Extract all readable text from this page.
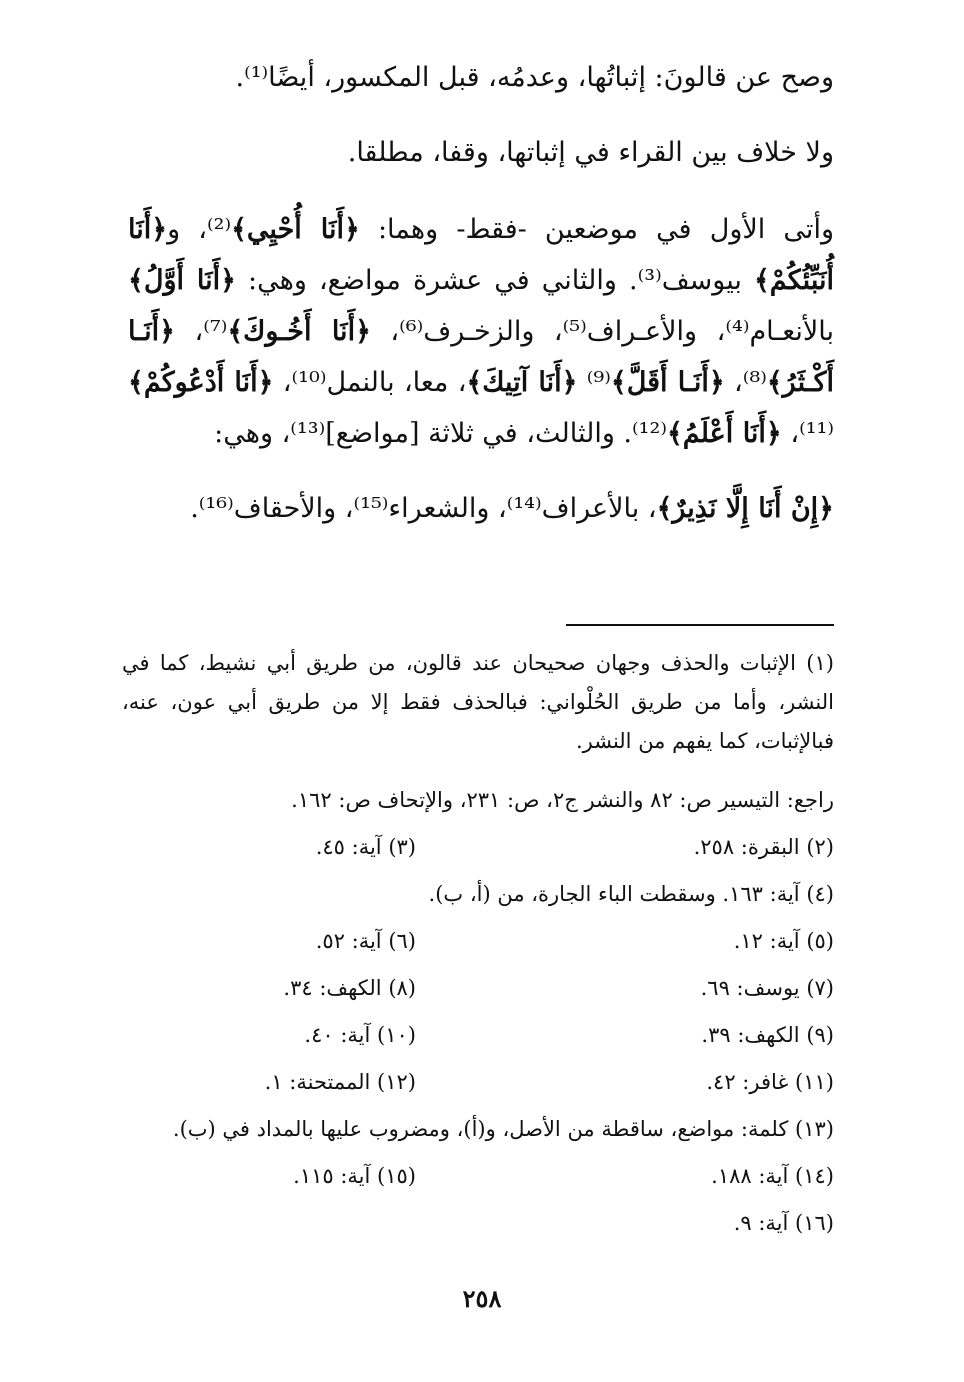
وصح عن قالونَ: إثباتُها، وعدمُه، قبل المكسور، أيضًا⁽¹⁾.

ولا خلاف بين القراء في إثباتها، وقفا، مطلقا.

وأتى الأول في موضعين -فقط- وهما: ﴿أَنَا أُحْيِي﴾⁽²⁾، و﴿أَنَا أُنَبِّئُكُمْ﴾ بيوسف⁽³⁾. والثاني في عشرة مواضع، وهي: ﴿أَنَا أَوَّلُ﴾ بالأنعـام⁽⁴⁾، والأعـراف⁽⁵⁾، والزخـرف⁽⁶⁾، ﴿أَنَا أَخُـوكَ﴾⁽⁷⁾، ﴿أَنَـا أَكْـثَرُ﴾⁽⁸⁾، ﴿أَنَـا أَقَلَّ﴾⁽⁹⁾ ﴿أَنَا آتِيكَ﴾، معا، بالنمل⁽¹⁰⁾، ﴿أَنَا أَدْعُوكُمْ﴾⁽¹¹⁾، ﴿أَنَا أَعْلَمُ﴾⁽¹²⁾. والثالث، في ثلاثة [مواضع]⁽¹³⁾، وهي:

﴿إِنْ أَنَا إِلَّا نَذِيرٌ﴾، بالأعراف⁽¹⁴⁾، والشعراء⁽¹⁵⁾، والأحقاف⁽¹⁶⁾.

(١) الإثبات والحذف وجهان صحيحان عند قالون، من طريق أبي نشيط، كما في النشر، وأما من طريق الحُلْواني: فبالحذف فقط إلا من طريق أبي عون، عنه، فبالإثبات، كما يفهم من النشر.

راجع: التيسير ص: ٨٢ والنشر ج٢، ص: ٢٣١، والإتحاف ص: ١٦٢.
(٢) البقرة: ٢٥٨.
(٣) آية: ٤٥.
(٤) آية: ١٦٣. وسقطت الباء الجارة، من (أ، ب).
(٥) آية: ١٢.
(٦) آية: ٥٢.
(٧) يوسف: ٦٩.
(٨) الكهف: ٣٤.
(٩) الكهف: ٣٩.
(١٠) آية: ٤٠.
(١١) غافر: ٤٢.
(١٢) الممتحنة: ١.
(١٣) كلمة: مواضع، ساقطة من الأصل، و(أ)، ومضروب عليها بالمداد في (ب).
(١٤) آية: ١٨٨.
(١٥) آية: ١١٥.
(١٦) آية: ٩.
٢٥٨
